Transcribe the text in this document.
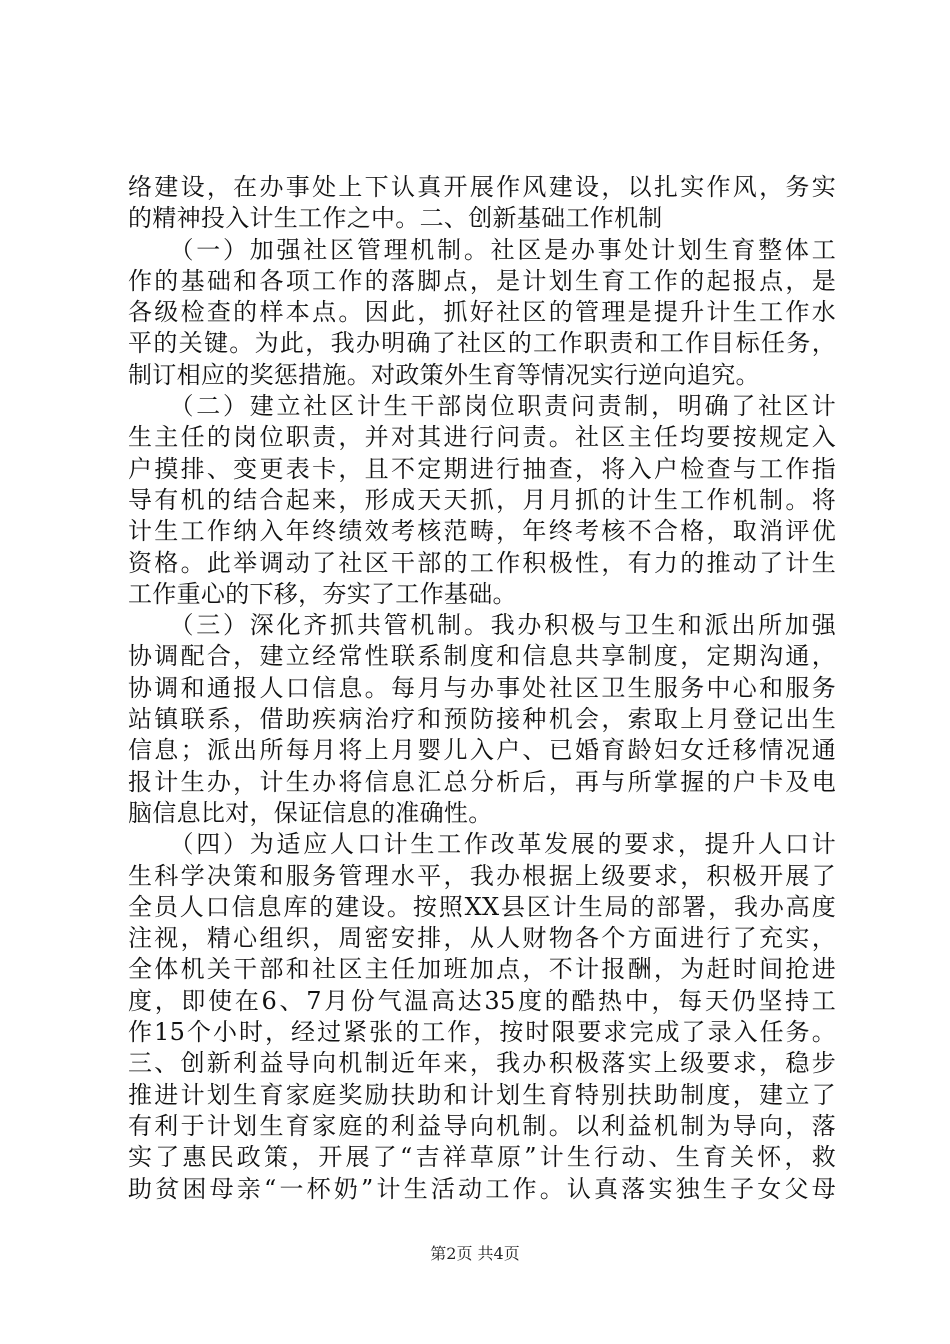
络建设，在办事处上下认真开展作风建设，以扎实作风，务实
的精神投入计生工作之中。二、创新基础工作机制
　　（一）加强社区管理机制。社区是办事处计划生育整体工
作的基础和各项工作的落脚点，是计划生育工作的起报点，是
各级检查的样本点。因此，抓好社区的管理是提升计生工作水
平的关键。为此，我办明确了社区的工作职责和工作目标任务，
制订相应的奖惩措施。对政策外生育等情况实行逆向追究。
　　（二）建立社区计生干部岗位职责问责制，明确了社区计
生主任的岗位职责，并对其进行问责。社区主任均要按规定入
户摸排、变更表卡，且不定期进行抽查，将入户检查与工作指
导有机的结合起来，形成天天抓，月月抓的计生工作机制。将
计生工作纳入年终绩效考核范畴，年终考核不合格，取消评优
资格。此举调动了社区干部的工作积极性，有力的推动了计生
工作重心的下移，夯实了工作基础。
　　（三）深化齐抓共管机制。我办积极与卫生和派出所加强
协调配合，建立经常性联系制度和信息共享制度，定期沟通，
协调和通报人口信息。每月与办事处社区卫生服务中心和服务
站镇联系，借助疾病治疗和预防接种机会，索取上月登记出生
信息；派出所每月将上月婴儿入户、已婚育龄妇女迁移情况通
报计生办，计生办将信息汇总分析后，再与所掌握的户卡及电
脑信息比对，保证信息的准确性。
　　（四）为适应人口计生工作改革发展的要求，提升人口计
生科学决策和服务管理水平，我办根据上级要求，积极开展了
全员人口信息库的建设。按照XX县区计生局的部署，我办高度
注视，精心组织，周密安排，从人财物各个方面进行了充实，
全体机关干部和社区主任加班加点，不计报酬，为赶时间抢进
度，即使在6、7月份气温高达35度的酷热中，每天仍坚持工
作15个小时，经过紧张的工作，按时限要求完成了录入任务。
三、创新利益导向机制近年来，我办积极落实上级要求，稳步
推进计划生育家庭奖励扶助和计划生育特别扶助制度，建立了
有利于计划生育家庭的利益导向机制。以利益机制为导向，落
实了惠民政策，开展了“吉祥草原”计生行动、生育关怀，救
助贫困母亲“一杯奶”计生活动工作。认真落实独生子女父母
第2页 共4页
